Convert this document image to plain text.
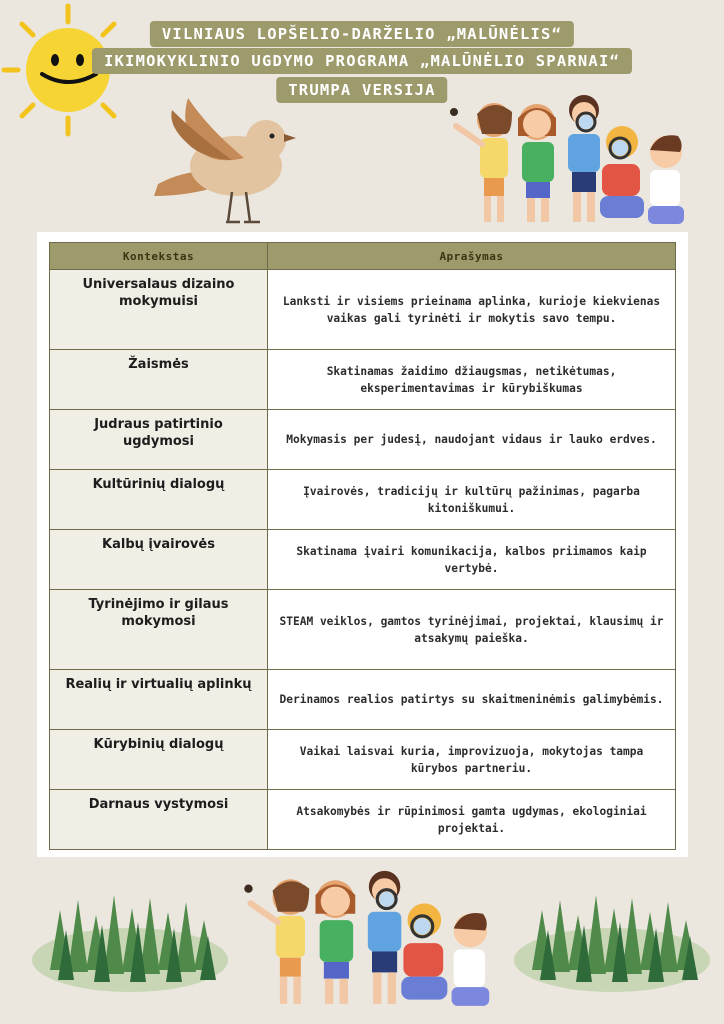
VILNIAUS LOPŠELIO-DARŽELIO „MALŪNĖLIS“
IKIMOKYKLINIO UGDYMO PROGRAMA „MALŪNĖLIO SPARNAI“
TRUMPA VERSIJA
Kontekstas	Aprašymas
Universalaus dizaino mokymuisi	Lanksti ir visiems prieinama aplinka, kurioje kiekvienas vaikas gali tyrinėti ir mokytis savo tempu.
Žaismės	Skatinamas žaidimo džiaugsmas, netikėtumas, eksperimentavimas ir kūrybiškumas
Judraus patirtinio ugdymosi	Mokymasis per judesį, naudojant vidaus ir lauko erdves.
Kultūrinių dialogų	Įvairovės, tradicijų ir kultūrų pažinimas, pagarba kitoniškumui.
Kalbų įvairovės	Skatinama įvairi komunikacija, kalbos priimamos kaip vertybė.
Tyrinėjimo ir gilaus mokymosi	STEAM veiklos, gamtos tyrinėjimai, projektai, klausimų ir atsakymų paieška.
Realių ir virtualių aplinkų	Derinamos realios patirtys su skaitmeninėmis galimybėmis.
Kūrybinių dialogų	Vaikai laisvai kuria, improvizuoja, mokytojas tampa kūrybos partneriu.
Darnaus vystymosi	Atsakomybės ir rūpinimosi gamta ugdymas, ekologiniai projektai.
